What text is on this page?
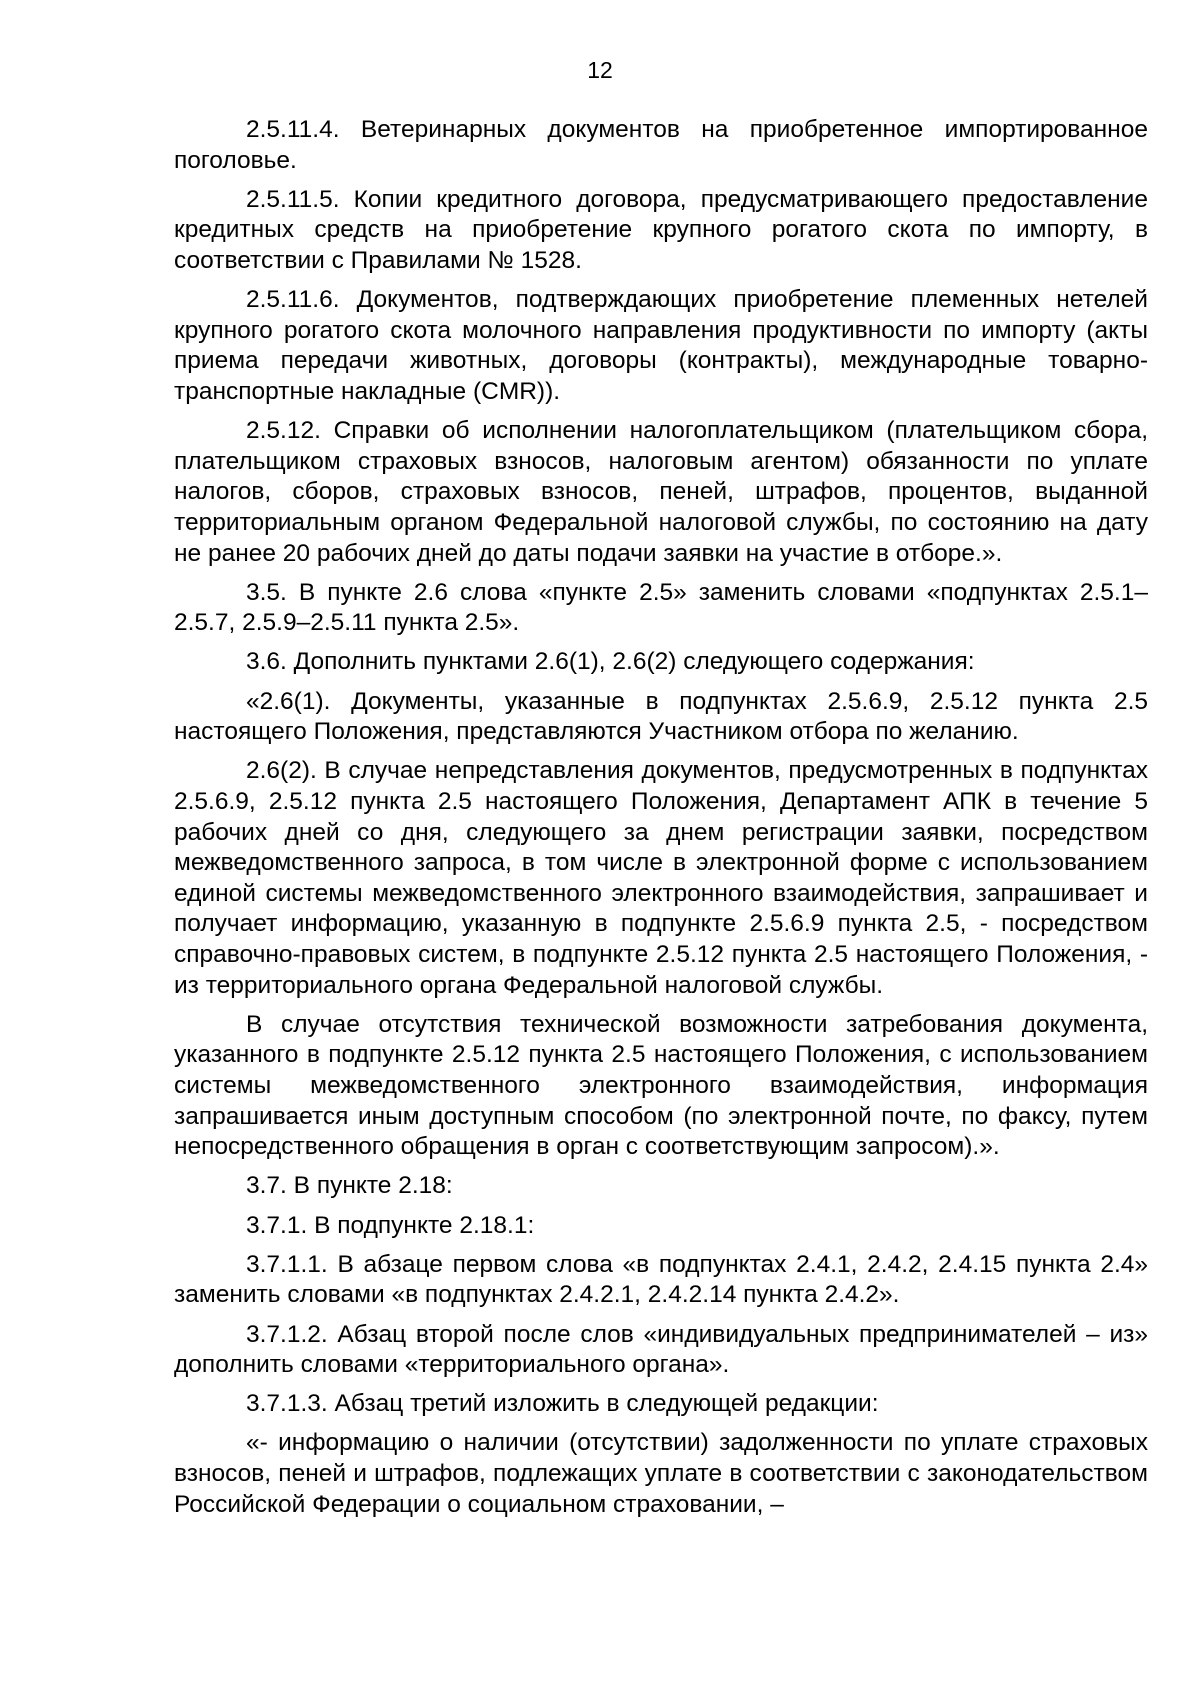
12

2.5.11.4. Ветеринарных документов на приобретенное импортированное поголовье.

2.5.11.5. Копии кредитного договора, предусматривающего предоставление кредитных средств на приобретение крупного рогатого скота по импорту, в соответствии с Правилами № 1528.

2.5.11.6. Документов, подтверждающих приобретение племенных нетелей крупного рогатого скота молочного направления продуктивности по импорту (акты приема передачи животных, договоры (контракты), международные товарно-транспортные накладные (CMR)).

2.5.12. Справки об исполнении налогоплательщиком (плательщиком сбора, плательщиком страховых взносов, налоговым агентом) обязанности по уплате налогов, сборов, страховых взносов, пеней, штрафов, процентов, выданной территориальным органом Федеральной налоговой службы, по состоянию на дату не ранее 20 рабочих дней до даты подачи заявки на участие в отборе.».

3.5. В пункте 2.6 слова «пункте 2.5» заменить словами «подпунктах 2.5.1–2.5.7, 2.5.9–2.5.11 пункта 2.5».

3.6. Дополнить пунктами 2.6(1), 2.6(2) следующего содержания:

«2.6(1). Документы, указанные в подпунктах 2.5.6.9, 2.5.12 пункта 2.5 настоящего Положения, представляются Участником отбора по желанию.

2.6(2). В случае непредставления документов, предусмотренных в подпунктах 2.5.6.9, 2.5.12 пункта 2.5 настоящего Положения, Департамент АПК в течение 5 рабочих дней со дня, следующего за днем регистрации заявки, посредством межведомственного запроса, в том числе в электронной форме с использованием единой системы межведомственного электронного взаимодействия, запрашивает и получает информацию, указанную в подпункте 2.5.6.9 пункта 2.5, - посредством справочно-правовых систем, в подпункте 2.5.12 пункта 2.5 настоящего Положения, - из территориального органа Федеральной налоговой службы.

В случае отсутствия технической возможности затребования документа, указанного в подпункте 2.5.12 пункта 2.5 настоящего Положения, с использованием системы межведомственного электронного взаимодействия, информация запрашивается иным доступным способом (по электронной почте, по факсу, путем непосредственного обращения в орган с соответствующим запросом).».

3.7. В пункте 2.18:

3.7.1. В подпункте 2.18.1:

3.7.1.1. В абзаце первом слова «в подпунктах 2.4.1, 2.4.2, 2.4.15 пункта 2.4» заменить словами «в подпунктах 2.4.2.1, 2.4.2.14 пункта 2.4.2».

3.7.1.2. Абзац второй после слов «индивидуальных предпринимателей – из» дополнить словами «территориального органа».

3.7.1.3. Абзац третий изложить в следующей редакции:

«- информацию о наличии (отсутствии) задолженности по уплате страховых взносов, пеней и штрафов, подлежащих уплате в соответствии с законодательством Российской Федерации о социальном страховании, –
